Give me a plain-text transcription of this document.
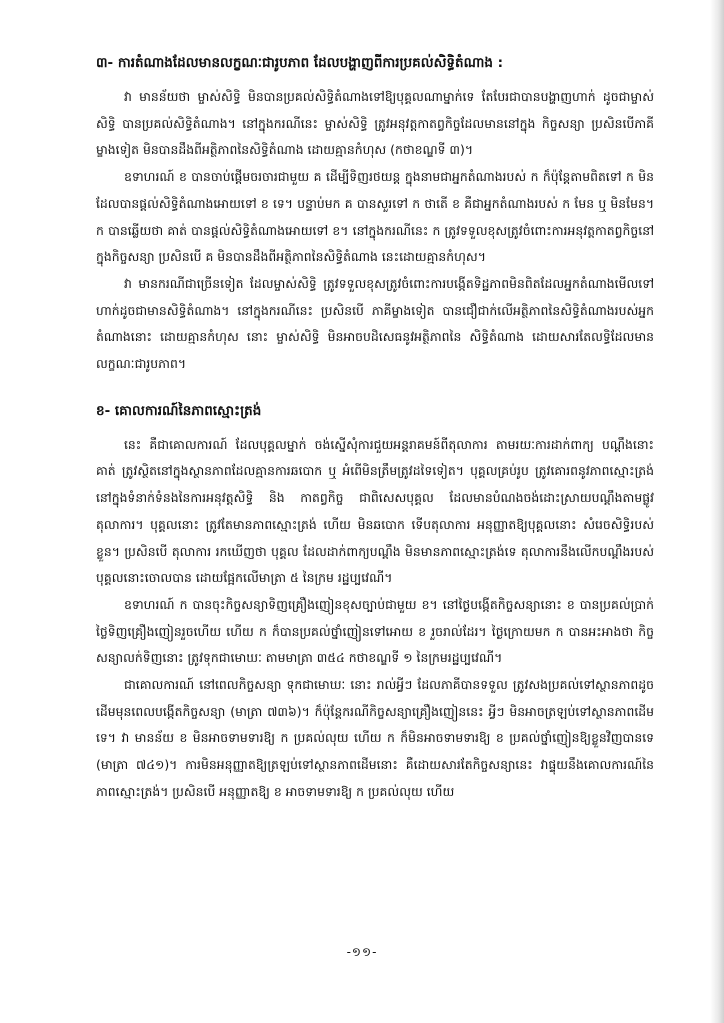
៣- ការតំណាងដែលមានលក្ខណៈជារូបភាព ដែលបង្ហាញពីការប្រគល់សិទ្ធិតំណាង :

វា មានន័យថា ម្ចាស់សិទ្ធិ មិនបានប្រគល់សិទ្ធិតំណាងទៅឱ្យបុគ្គលណាម្នាក់ទេ តែបែរជាបានបង្ហាញហាក់ ដូចជាម្ចាស់សិទ្ធិ បានប្រគល់សិទ្ធិតំណាង។ នៅក្នុងករណីនេះ ម្ចាស់សិទ្ធិ ត្រូវអនុវត្តកាតព្វកិច្ចដែលមាននៅក្នុង កិច្ចសន្យា ប្រសិនបើភាគីម្ខាងទៀត មិនបានដឹងពីអត្ថិភាពនៃសិទ្ធិតំណាង ដោយគ្មានកំហុស (កថាខណ្ឌទី ៣)។

ឧទាហរណ៍ ខ បានចាប់ផ្តើមចរចារជាមួយ គ ដើម្បីទិញរថយន្ត ក្នុងនាមជាអ្នកតំណាងរបស់ ក ក៏ប៉ុន្តែតាមពិតទៅ ក មិនដែលបានផ្តល់សិទ្ធិតំណាងអោយទៅ ខ ទេ។ បន្ទាប់មក គ បានសួរទៅ ក ថាតើ ខ គឺជាអ្នកតំណាងរបស់ ក មែន ឬ មិនមែន។ ក បានឆ្លើយថា គាត់ បានផ្តល់សិទ្ធិតំណាងអោយទៅ ខ។ នៅក្នុងករណីនេះ ក ត្រូវទទួលខុសត្រូវចំពោះការអនុវត្តកាតព្វកិច្ចនៅក្នុងកិច្ចសន្យា ប្រសិនបើ គ មិនបានដឹងពីអត្ថិភាពនៃសិទ្ធិតំណាង នេះដោយគ្មានកំហុស។

វា មានករណីជាច្រើនទៀត ដែលម្ចាស់សិទ្ធិ ត្រូវទទួលខុសត្រូវចំពោះការបង្កើតទិដ្ឋភាពមិនពិតដែលអ្នកតំណាងមើលទៅហាក់ដូចជាមានសិទ្ធិតំណាង។ នៅក្នុងករណីនេះ ប្រសិនបើ ភាគីម្ខាងទៀត បានជឿជាក់លើអត្ថិភាពនៃសិទ្ធិតំណាងរបស់អ្នកតំណាងនោះ ដោយគ្មានកំហុស នោះ ម្ចាស់សិទ្ធិ មិនអាចបដិសេធនូវអត្ថិភាពនៃ សិទ្ធិតំណាង ដោយសារតែលទ្ធិដែលមានលក្ខណៈជារូបភាព។

ខ- គោលការណ៍នៃភាពស្មោះត្រង់

នេះ គឺជាគោលការណ៍ ដែលបុគ្គលម្នាក់ ចង់ស្នើសុំការជួយអន្តរាគមន៍ពីតុលាការ តាមរយៈការដាក់ពាក្យ បណ្តឹងនោះ គាត់ ត្រូវស្ថិតនៅក្នុងស្ថានភាពដែលគ្មានការឆបោក ឬ អំពើមិនត្រឹមត្រូវដទៃទៀត។ បុគ្គលគ្រប់រូប ត្រូវគោរពនូវភាពស្មោះត្រង់នៅក្នុងទំនាក់ទំនងនៃការអនុវត្តសិទ្ធិ និង កាតព្វកិច្ច ជាពិសេសបុគ្គល ដែលមានបំណងចង់ដោះស្រាយបណ្តឹងតាមផ្លូវតុលាការ។ បុគ្គលនោះ ត្រូវតែមានភាពស្មោះត្រង់ ហើយ មិនឆបោក ទើបតុលាការ អនុញ្ញាតឱ្យបុគ្គលនោះ សំរេចសិទ្ធិរបស់ខ្លួន។ ប្រសិនបើ តុលាការ រកឃើញថា បុគ្គល ដែលដាក់ពាក្យបណ្តឹង មិនមានភាពស្មោះត្រង់ទេ តុលាការនឹងលើកបណ្តឹងរបស់បុគ្គលនោះចោលបាន ដោយផ្អែកលើមាត្រា ៥ នៃក្រម រដ្ឋប្បវេណី។

ឧទាហរណ៍ ក បានចុះកិច្ចសន្យាទិញគ្រឿងញៀនខុសច្បាប់ជាមួយ ខ។ នៅថ្ងៃបង្កើតកិច្ចសន្យានោះ ខ បានប្រគល់ប្រាក់ថ្លៃទិញគ្រឿងញៀនរួចហើយ ហើយ ក ក៏បានប្រគល់ថ្នាំញៀនទៅអោយ ខ រួចរាល់ដែរ។ ថ្ងៃក្រោយមក ក បានអះអាងថា កិច្ចសន្យាលក់ទិញនោះ ត្រូវទុកជាមោឃៈ តាមមាត្រា ៣៥៤ កថាខណ្ឌទី ១ នៃក្រមរដ្ឋប្បវេណី។

ជាគោលការណ៍ នៅពេលកិច្ចសន្យា ទុកជាមោឃៈ នោះ រាល់អ្វីៗ ដែលភាគីបានទទួល ត្រូវសងប្រគល់ទៅស្ថានភាពដូចដើមមុនពេលបង្កើតកិច្ចសន្យា (មាត្រា ៧៣៦)។ ក៏ប៉ុន្តែករណីកិច្ចសន្យាគ្រឿងញៀននេះ អ្វីៗ មិនអាចត្រឡប់ទៅស្ថានភាពដើមទេ។ វា មានន័យ ខ មិនអាចទាមទារឱ្យ ក ប្រគល់លុយ ហើយ ក ក៏មិនអាចទាមទារឱ្យ ខ ប្រគល់ថ្នាំញៀនឱ្យខ្លួនវិញបានទេ (មាត្រា ៧៤១)។ ការមិនអនុញ្ញាតឱ្យត្រឡប់ទៅស្ថានភាពដើមនោះ គឺដោយសារតែកិច្ចសន្យានេះ វាផ្ទុយនឹងគោលការណ៍នៃភាពស្មោះត្រង់។ ប្រសិនបើ អនុញ្ញាតឱ្យ ខ អាចទាមទារឱ្យ ក ប្រគល់លុយ ហើយ

-១១-
